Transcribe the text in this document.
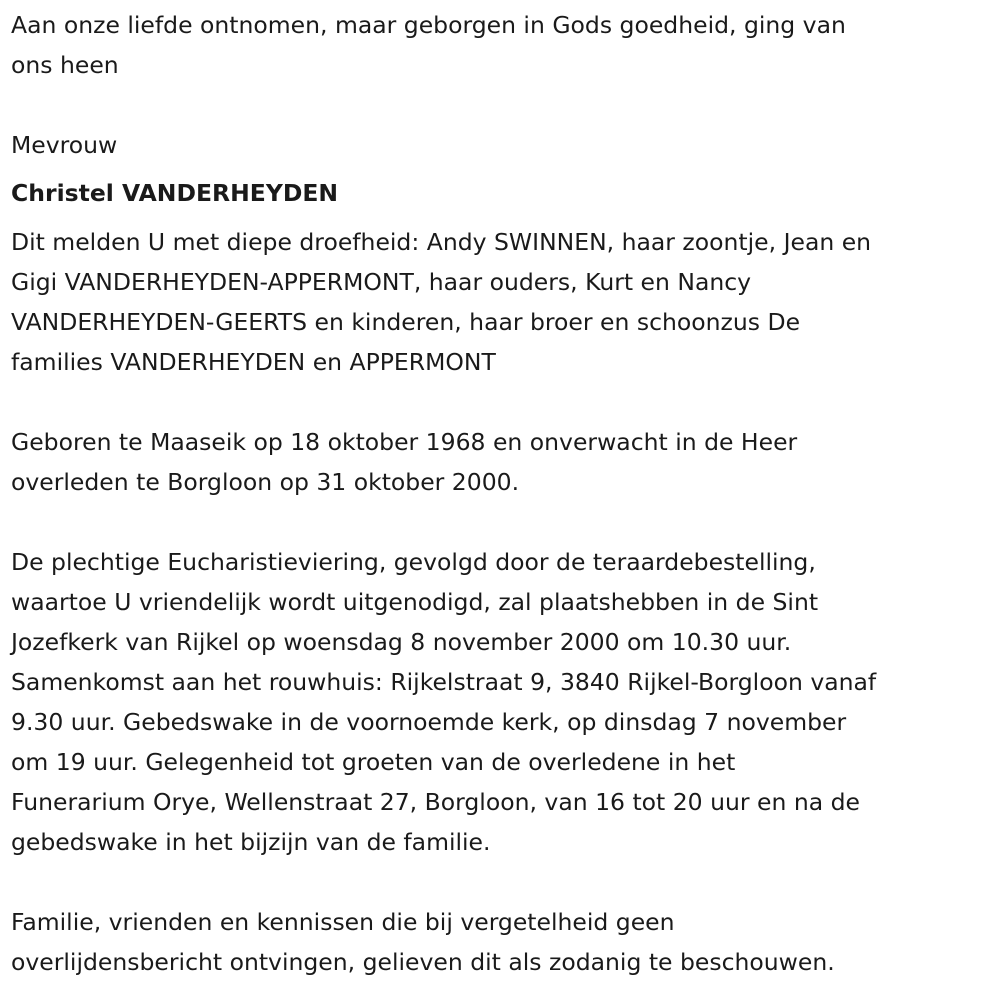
Aan onze liefde ontnomen, maar geborgen in Gods goedheid, ging van
ons heen
Mevrouw
Christel VANDERHEYDEN
Dit melden U met diepe droefheid: Andy SWINNEN, haar zoontje, Jean en
Gigi VANDERHEYDEN-APPERMONT, haar ouders, Kurt en Nancy
VANDERHEYDEN-GEERTS en kinderen, haar broer en schoonzus De
families VANDERHEYDEN en APPERMONT
Geboren te Maaseik op 18 oktober 1968 en onverwacht in de Heer
overleden te Borgloon op 31 oktober 2000.
De plechtige Eucharistieviering, gevolgd door de teraardebestelling,
waartoe U vriendelijk wordt uitgenodigd, zal plaatshebben in de Sint
Jozefkerk van Rijkel op woensdag 8 november 2000 om 10.30 uur.
Samenkomst aan het rouwhuis: Rijkelstraat 9, 3840 Rijkel-Borgloon vanaf
9.30 uur. Gebedswake in de voornoemde kerk, op dinsdag 7 november
om 19 uur. Gelegenheid tot groeten van de overledene in het
Funerarium Orye, Wellenstraat 27, Borgloon, van 16 tot 20 uur en na de
gebedswake in het bijzijn van de familie.
Familie, vrienden en kennissen die bij vergetelheid geen
overlijdensbericht ontvingen, gelieven dit als zodanig te beschouwen.
